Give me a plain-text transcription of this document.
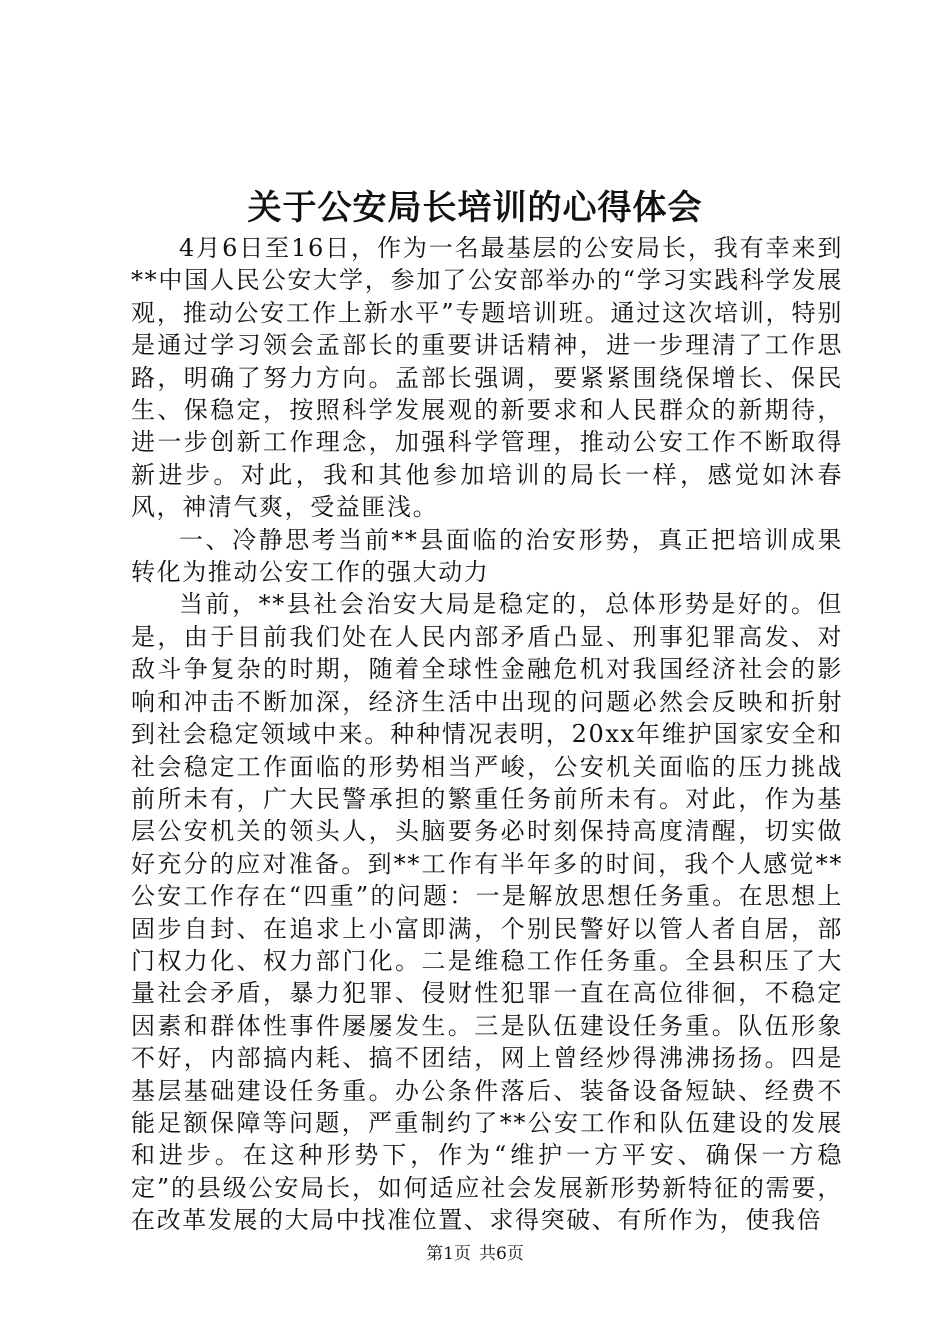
关于公安局长培训的心得体会

4月6日至16日，作为一名最基层的公安局长，我有幸来到**中国人民公安大学，参加了公安部举办的“学习实践科学发展观，推动公安工作上新水平”专题培训班。通过这次培训，特别是通过学习领会孟部长的重要讲话精神，进一步理清了工作思路，明确了努力方向。孟部长强调，要紧紧围绕保增长、保民生、保稳定，按照科学发展观的新要求和人民群众的新期待，进一步创新工作理念，加强科学管理，推动公安工作不断取得新进步。对此，我和其他参加培训的局长一样，感觉如沐春风，神清气爽，受益匪浅。

一、冷静思考当前**县面临的治安形势，真正把培训成果转化为推动公安工作的强大动力

当前，**县社会治安大局是稳定的，总体形势是好的。但是，由于目前我们处在人民内部矛盾凸显、刑事犯罪高发、对敌斗争复杂的时期，随着全球性金融危机对我国经济社会的影响和冲击不断加深，经济生活中出现的问题必然会反映和折射到社会稳定领域中来。种种情况表明，20xx年维护国家安全和社会稳定工作面临的形势相当严峻，公安机关面临的压力挑战前所未有，广大民警承担的繁重任务前所未有。对此，作为基层公安机关的领头人，头脑要务必时刻保持高度清醒，切实做好充分的应对准备。到**工作有半年多的时间，我个人感觉**公安工作存在“四重”的问题：一是解放思想任务重。在思想上固步自封、在追求上小富即满，个别民警好以管人者自居，部门权力化、权力部门化。二是维稳工作任务重。全县积压了大量社会矛盾，暴力犯罪、侵财性犯罪一直在高位徘徊，不稳定因素和群体性事件屡屡发生。三是队伍建设任务重。队伍形象不好，内部搞内耗、搞不团结，网上曾经炒得沸沸扬扬。四是基层基础建设任务重。办公条件落后、装备设备短缺、经费不能足额保障等问题，严重制约了**公安工作和队伍建设的发展和进步。在这种形势下，作为“维护一方平安、确保一方稳定”的县级公安局长，如何适应社会发展新形势新特征的需要，在改革发展的大局中找准位置、求得突破、有所作为，使我倍

第1页 共6页
